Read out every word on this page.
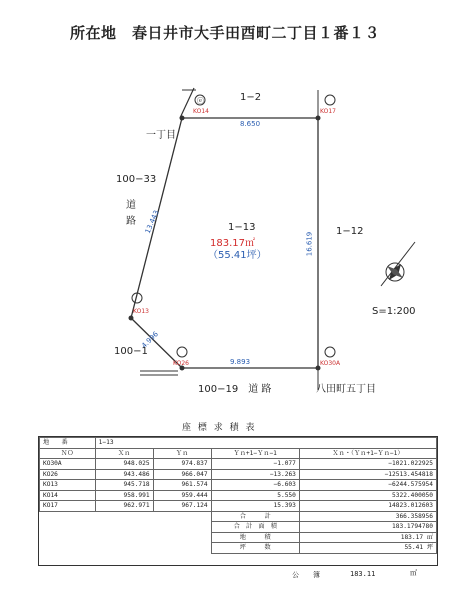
所在地　春日井市大手田酉町二丁目１番１３
ⓔ	1−2
一丁目
100−33
道
路
1−12
100−1
100−19　道 路	八田町五丁目
KO14	KO17
KO13
KO26	KO30A
8.650
13.443
16.619
4.996
9.893
1−13
183.17㎡
（55.41坪）
S=1:200
座 標 求 積 表
地　　番	1−13			
ＮＯ	Ｘｎ	Ｙｎ	Ｙｎ+1−Ｙｎ−1	Ｘｎ・（Ｙｎ+1−Ｙｎ−1）
KO30A	948.025	974.837	−1.077	−1021.022925
KO26	943.486	966.047	−13.263	−12513.454818
KO13	945.718	961.574	−6.603	−6244.575954
KO14	958.991	959.444	5.550	5322.400050
KO17	962.971	967.124	15.393	14823.012603
			合　　　計	366.358956
			合　計　面　積	183.1794780
			地　　　積	183.17 ㎡
			坪　　　数	55.41 坪
公　　簿	183.11	㎡
